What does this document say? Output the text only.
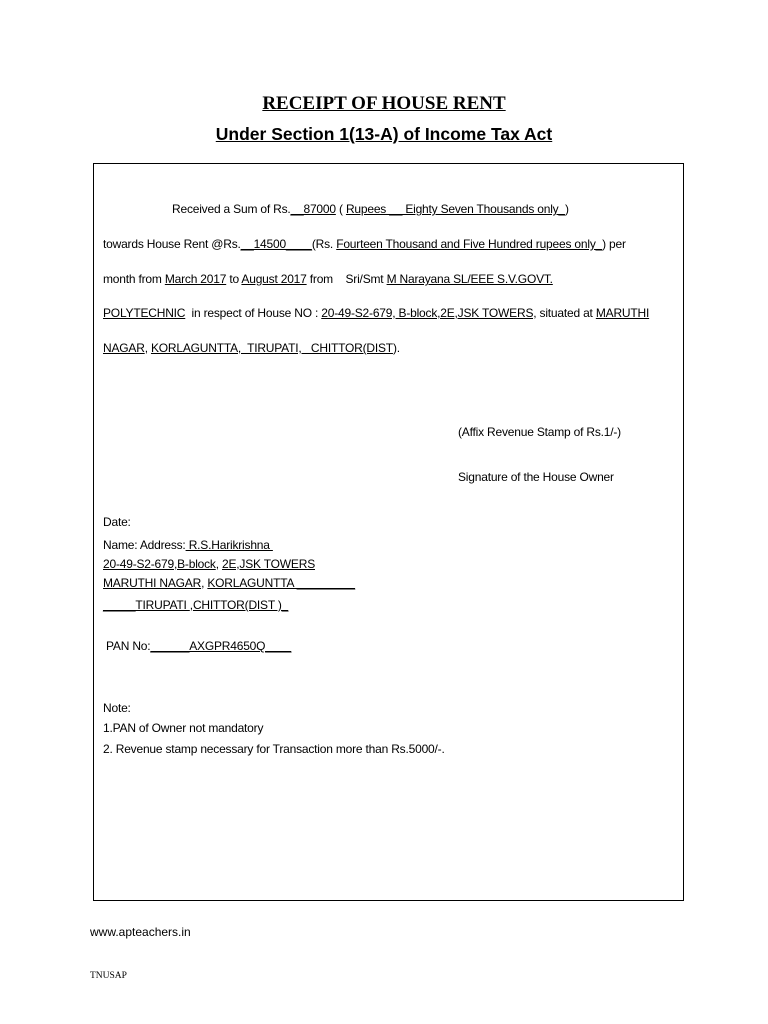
RECEIPT OF HOUSE RENT
Under Section 1(13-A) of Income Tax Act
Received a Sum of Rs.__87000 ( Rupees __ Eighty Seven Thousands only_)
towards House Rent @Rs.__14500____(Rs. Fourteen Thousand and Five Hundred rupees only_) per
month from March 2017 to August 2017 from    Sri/Smt M Narayana SL/EEE S.V.GOVT.
POLYTECHNIC  in respect of House NO : 20-49-S2-679, B-block,2E,JSK TOWERS, situated at MARUTHI
NAGAR, KORLAGUNTTA,  TIRUPATI,   CHITTOR(DIST).
(Affix Revenue Stamp of Rs.1/-)
Signature of the House Owner
Date:
Name: Address: R.S.Harikrishna
20-49-S2-679,B-block, 2E,JSK TOWERS
MARUTHI NAGAR, KORLAGUNTTA _________
_____TIRUPATI ,CHITTOR(DIST )_
PAN No:______AXGPR4650Q____
Note:
1.PAN of Owner not mandatory
2. Revenue stamp necessary for Transaction more than Rs.5000/-.
www.apteachers.in
TNUSAP
